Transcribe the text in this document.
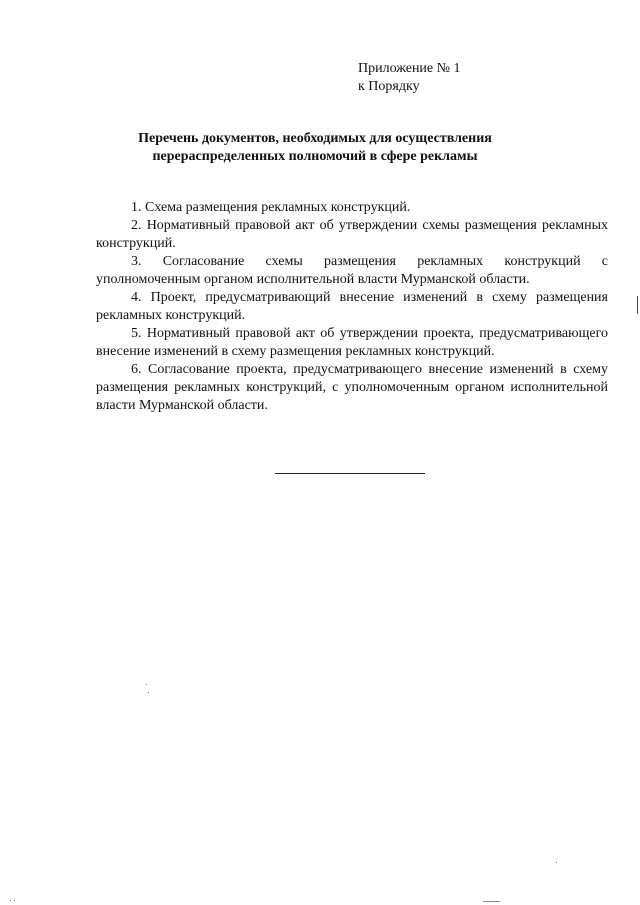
Приложение № 1
к Порядку
Перечень документов, необходимых для осуществления
перераспределенных полномочий в сфере рекламы

1. Схема размещения рекламных конструкций.

2. Нормативный правовой акт об утверждении схемы размещения рекламных конструкций.

3. Согласование схемы размещения рекламных конструкций с уполномоченным органом исполнительной власти Мурманской области.

4. Проект, предусматривающий внесение изменений в схему размещения рекламных конструкций.

5. Нормативный правовой акт об утверждении проекта, предусматривающего внесение изменений в схему размещения рекламных конструкций.

6. Согласование проекта, предусматривающего внесение изменений в схему размещения рекламных конструкций, с уполномоченным органом исполнительной власти Мурманской области.
